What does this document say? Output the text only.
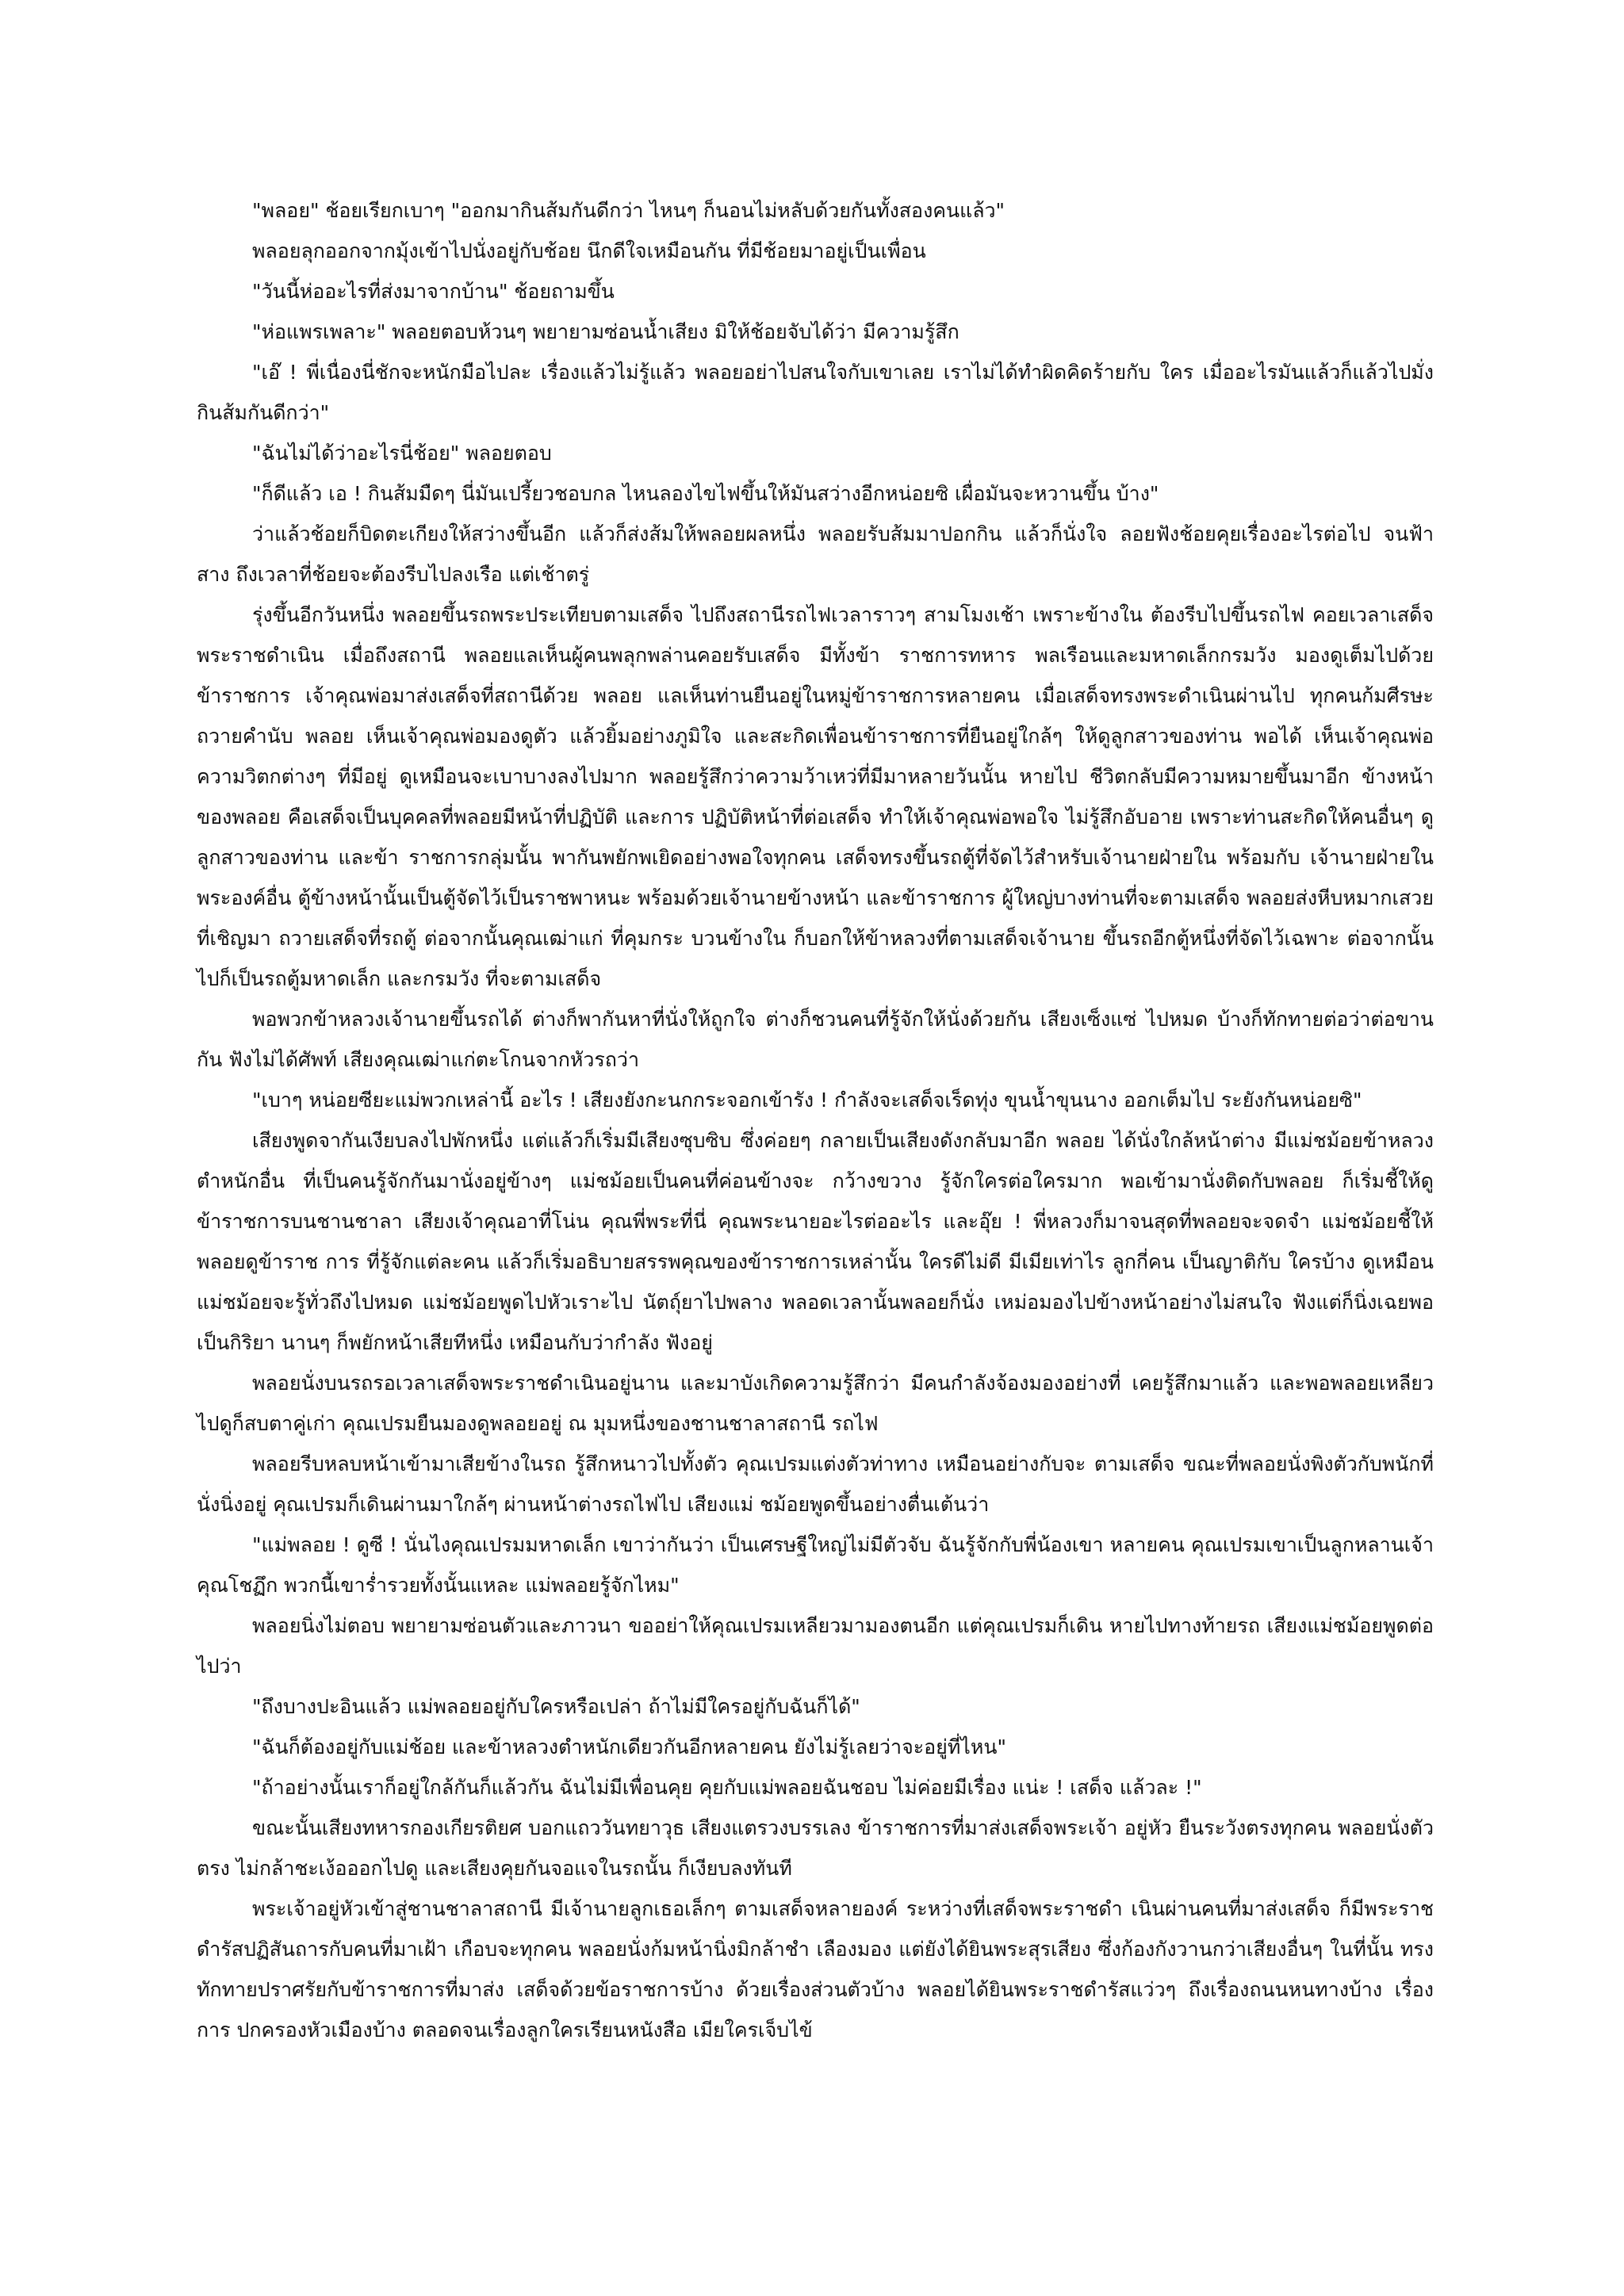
"พลอย" ช้อยเรียกเบาๆ "ออกมากินส้มกันดีกว่า ไหนๆ ก็นอนไม่หลับด้วยกันทั้งสองคนแล้ว"

พลอยลุกออกจากมุ้งเข้าไปนั่งอยู่กับช้อย นึกดีใจเหมือนกัน ที่มีช้อยมาอยู่เป็นเพื่อน

"วันนี้ห่ออะไรที่ส่งมาจากบ้าน" ช้อยถามขึ้น

"ห่อแพรเพลาะ" พลอยตอบห้วนๆ พยายามซ่อนน้ำเสียง มิให้ช้อยจับได้ว่า มีความรู้สึก

"เอ๊ ! พี่เนื่องนี่ชักจะหนักมือไปละ เรื่องแล้วไม่รู้แล้ว พลอยอย่าไปสนใจกับเขาเลย เราไม่ได้ทำผิดคิดร้ายกับ ใคร เมื่ออะไรมันแล้วก็แล้วไปมั่ง กินส้มกันดีกว่า"

"ฉันไม่ได้ว่าอะไรนี่ช้อย" พลอยตอบ

"ก็ดีแล้ว เอ ! กินส้มมืดๆ นี่มันเปรี้ยวชอบกล ไหนลองไขไฟขึ้นให้มันสว่างอีกหน่อยซิ เผื่อมันจะหวานขึ้น บ้าง"

ว่าแล้วช้อยก็บิดตะเกียงให้สว่างขึ้นอีก แล้วก็ส่งส้มให้พลอยผลหนึ่ง พลอยรับส้มมาปอกกิน แล้วก็นั่งใจ ลอยฟังช้อยคุยเรื่องอะไรต่อไป จนฟ้าสาง ถึงเวลาที่ช้อยจะต้องรีบไปลงเรือ แต่เช้าตรู่

รุ่งขึ้นอีกวันหนึ่ง พลอยขึ้นรถพระประเทียบตามเสด็จ ไปถึงสถานีรถไฟเวลาราวๆ สามโมงเช้า เพราะข้างใน ต้องรีบไปขึ้นรถไฟ คอยเวลาเสด็จพระราชดำเนิน เมื่อถึงสถานี พลอยแลเห็นผู้คนพลุกพล่านคอยรับเสด็จ มีทั้งข้า ราชการทหาร พลเรือนและมหาดเล็กกรมวัง มองดูเต็มไปด้วยข้าราชการ เจ้าคุณพ่อมาส่งเสด็จที่สถานีด้วย พลอย แลเห็นท่านยืนอยู่ในหมู่ข้าราชการหลายคน เมื่อเสด็จทรงพระดำเนินผ่านไป ทุกคนก้มศีรษะถวายคำนับ พลอย เห็นเจ้าคุณพ่อมองดูตัว แล้วยิ้มอย่างภูมิใจ และสะกิดเพื่อนข้าราชการที่ยืนอยู่ใกล้ๆ ให้ดูลูกสาวของท่าน พอได้ เห็นเจ้าคุณพ่อความวิตกต่างๆ ที่มีอยู่ ดูเหมือนจะเบาบางลงไปมาก พลอยรู้สึกว่าความว้าเหว่ที่มีมาหลายวันนั้น หายไป ชีวิตกลับมีความหมายขึ้นมาอีก ข้างหน้าของพลอย คือเสด็จเป็นบุคคลที่พลอยมีหน้าที่ปฏิบัติ และการ ปฏิบัติหน้าที่ต่อเสด็จ ทำให้เจ้าคุณพ่อพอใจ ไม่รู้สึกอับอาย เพราะท่านสะกิดให้คนอื่นๆ ดูลูกสาวของท่าน และข้า ราชการกลุ่มนั้น พากันพยักพเยิดอย่างพอใจทุกคน เสด็จทรงขึ้นรถตู้ที่จัดไว้สำหรับเจ้านายฝ่ายใน พร้อมกับ เจ้านายฝ่ายในพระองค์อื่น ตู้ข้างหน้านั้นเป็นตู้จัดไว้เป็นราชพาหนะ พร้อมด้วยเจ้านายข้างหน้า และข้าราชการ ผู้ใหญ่บางท่านที่จะตามเสด็จ พลอยส่งหีบหมากเสวยที่เชิญมา ถวายเสด็จที่รถตู้ ต่อจากนั้นคุณเฒ่าแก่ ที่คุมกระ บวนข้างใน ก็บอกให้ข้าหลวงที่ตามเสด็จเจ้านาย ขึ้นรถอีกตู้หนึ่งที่จัดไว้เฉพาะ ต่อจากนั้นไปก็เป็นรถตู้มหาดเล็ก และกรมวัง ที่จะตามเสด็จ

พอพวกข้าหลวงเจ้านายขึ้นรถได้ ต่างก็พากันหาที่นั่งให้ถูกใจ ต่างก็ชวนคนที่รู้จักให้นั่งด้วยกัน เสียงเซ็งแซ่ ไปหมด บ้างก็ทักทายต่อว่าต่อขานกัน ฟังไม่ได้ศัพท์ เสียงคุณเฒ่าแก่ตะโกนจากหัวรถว่า

"เบาๆ หน่อยซียะแม่พวกเหล่านี้ อะไร ! เสียงยังกะนกกระจอกเข้ารัง ! กำลังจะเสด็จเร็ดทุ่ง ขุนน้ำขุนนาง ออกเต็มไป ระยังกันหน่อยซิ"

เสียงพูดจากันเงียบลงไปพักหนึ่ง แต่แล้วก็เริ่มมีเสียงซุบซิบ ซึ่งค่อยๆ กลายเป็นเสียงดังกลับมาอีก พลอย ได้นั่งใกล้หน้าต่าง มีแม่ชม้อยข้าหลวงตำหนักอื่น ที่เป็นคนรู้จักกันมานั่งอยู่ข้างๆ แม่ชม้อยเป็นคนที่ค่อนข้างจะ กว้างขวาง รู้จักใครต่อใครมาก พอเข้ามานั่งติดกับพลอย ก็เริ่มชี้ให้ดูข้าราชการบนชานชาลา เสียงเจ้าคุณอาที่โน่น คุณพี่พระที่นี่ คุณพระนายอะไรต่ออะไร และอุ๊ย ! พี่หลวงก็มาจนสุดที่พลอยจะจดจำ แม่ชม้อยชี้ให้พลอยดูข้าราช การ ที่รู้จักแต่ละคน แล้วก็เริ่มอธิบายสรรพคุณของข้าราชการเหล่านั้น ใครดีไม่ดี มีเมียเท่าไร ลูกกี่คน เป็นญาติกับ ใครบ้าง ดูเหมือนแม่ชม้อยจะรู้ทั่วถึงไปหมด แม่ชม้อยพูดไปหัวเราะไป นัตถุ์ยาไปพลาง พลอดเวลานั้นพลอยก็นั่ง เหม่อมองไปข้างหน้าอย่างไม่สนใจ ฟังแต่ก็นิ่งเฉยพอเป็นกิริยา นานๆ ก็พยักหน้าเสียทีหนึ่ง เหมือนกับว่ากำลัง ฟังอยู่

พลอยนั่งบนรถรอเวลาเสด็จพระราชดำเนินอยู่นาน และมาบังเกิดความรู้สึกว่า มีคนกำลังจ้องมองอย่างที่ เคยรู้สึกมาแล้ว และพอพลอยเหลียวไปดูก็สบตาคู่เก่า คุณเปรมยืนมองดูพลอยอยู่ ณ มุมหนึ่งของชานชาลาสถานี รถไฟ

พลอยรีบหลบหน้าเข้ามาเสียข้างในรถ รู้สึกหนาวไปทั้งตัว คุณเปรมแต่งตัวท่าทาง เหมือนอย่างกับจะ ตามเสด็จ ขณะที่พลอยนั่งพิงตัวกับพนักที่นั่งนิ่งอยู่ คุณเปรมก็เดินผ่านมาใกล้ๆ ผ่านหน้าต่างรถไฟไป เสียงแม่ ชม้อยพูดขึ้นอย่างตื่นเต้นว่า

"แม่พลอย ! ดูซี ! นั่นไงคุณเปรมมหาดเล็ก เขาว่ากันว่า เป็นเศรษฐีใหญ่ไม่มีตัวจับ ฉันรู้จักกับพี่น้องเขา หลายคน คุณเปรมเขาเป็นลูกหลานเจ้าคุณโชฏึก พวกนี้เขาร่ำรวยทั้งนั้นแหละ แม่พลอยรู้จักไหม"

พลอยนิ่งไม่ตอบ พยายามซ่อนตัวและภาวนา ขออย่าให้คุณเปรมเหลียวมามองตนอีก แต่คุณเปรมก็เดิน หายไปทางท้ายรถ เสียงแม่ชม้อยพูดต่อไปว่า

"ถึงบางปะอินแล้ว แม่พลอยอยู่กับใครหรือเปล่า ถ้าไม่มีใครอยู่กับฉันก็ได้"

"ฉันก็ต้องอยู่กับแม่ช้อย และข้าหลวงตำหนักเดียวกันอีกหลายคน ยังไม่รู้เลยว่าจะอยู่ที่ไหน"

"ถ้าอย่างนั้นเราก็อยู่ใกล้กันก็แล้วกัน ฉันไม่มีเพื่อนคุย คุยกับแม่พลอยฉันชอบ ไม่ค่อยมีเรื่อง แน่ะ ! เสด็จ แล้วละ !"

ขณะนั้นเสียงทหารกองเกียรติยศ บอกแถววันทยาวุธ เสียงแตรวงบรรเลง ข้าราชการที่มาส่งเสด็จพระเจ้า อยู่หัว ยืนระวังตรงทุกคน พลอยนั่งตัวตรง ไม่กล้าชะเง้อออกไปดู และเสียงคุยกันจอแจในรถนั้น ก็เงียบลงทันที

พระเจ้าอยู่หัวเข้าสู่ชานชาลาสถานี มีเจ้านายลูกเธอเล็กๆ ตามเสด็จหลายองค์ ระหว่างที่เสด็จพระราชดำ เนินผ่านคนที่มาส่งเสด็จ ก็มีพระราชดำรัสปฏิสันถารกับคนที่มาเฝ้า เกือบจะทุกคน พลอยนั่งก้มหน้านิ่งมิกล้าชำ เลืองมอง แต่ยังได้ยินพระสุรเสียง ซึ่งก้องกังวานกว่าเสียงอื่นๆ ในที่นั้น ทรงทักทายปราศรัยกับข้าราชการที่มาส่ง เสด็จด้วยข้อราชการบ้าง ด้วยเรื่องส่วนตัวบ้าง พลอยได้ยินพระราชดำรัสแว่วๆ ถึงเรื่องถนนหนทางบ้าง เรื่องการ ปกครองหัวเมืองบ้าง ตลอดจนเรื่องลูกใครเรียนหนังสือ เมียใครเจ็บไข้
